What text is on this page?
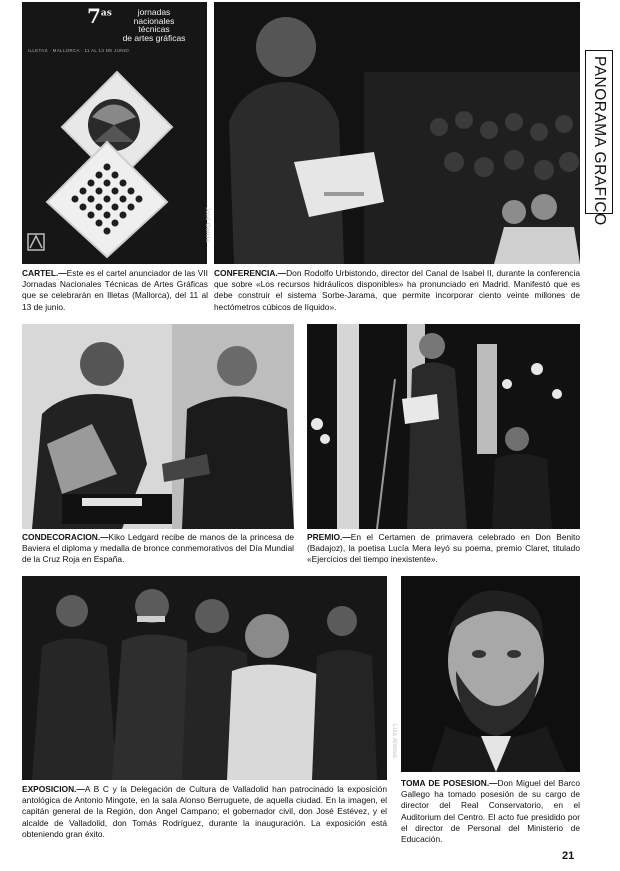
$7^{as}$	jornadas
nacionales
técnicas
de artes gráficas
ILLETAS · MALLORCA · 11 AL 13 DE JUNIO
José Garcia	PANORAMA GRAFICO
CARTEL.—Este es el cartel anunciador de las VII Jornadas Nacionales Técnicas de Artes Gráficas que se celebrarán en Illetas (Mallorca), del 11 al 13 de junio.
CONFERENCIA.—Don Rodolfo Urbistondo, director del Canal de Isabel II, durante la conferencia que sobre «Los recursos hidráulicos disponibles» ha pronunciado en Madrid. Manifestó que es debe construir el sistema Sorbe-Jarama, que permite incorporar ciento veinte millones de hectómetros cúbicos de líquido».
CONDECORACION.—Kiko Ledgard recibe de manos de la princesa de Baviera el diploma y medalla de bronce conmemorativos del Día Mundial de la Cruz Roja en España.
PREMIO.—En el Certamen de primavera celebrado en Don Benito (Badajoz), la poetisa Lucía Mera leyó su poema, premio Claret, titulado «Ejercicios del tiempo inexistente».
Luis Alonso
EXPOSICION.—A B C y la Delegación de Cultura de Valladolid han patrocinado la exposición antológica de Antonio Mingote, en la sala Alonso Berruguete, de aquella ciudad. En la imagen, el capitán general de la Región, don Angel Campano; el gobernador civil, don José Estévez, y el alcalde de Valladolid, don Tomás Rodríguez, durante la inauguración. La exposición está obteniendo gran éxito.
TOMA DE POSESION.—Don Miguel del Barco Gallego ha tomado posesión de su cargo de director del Real Conservatorio, en el Auditorium del Centro. El acto fue presidido por el director de Personal del Ministerio de Educación.
21
